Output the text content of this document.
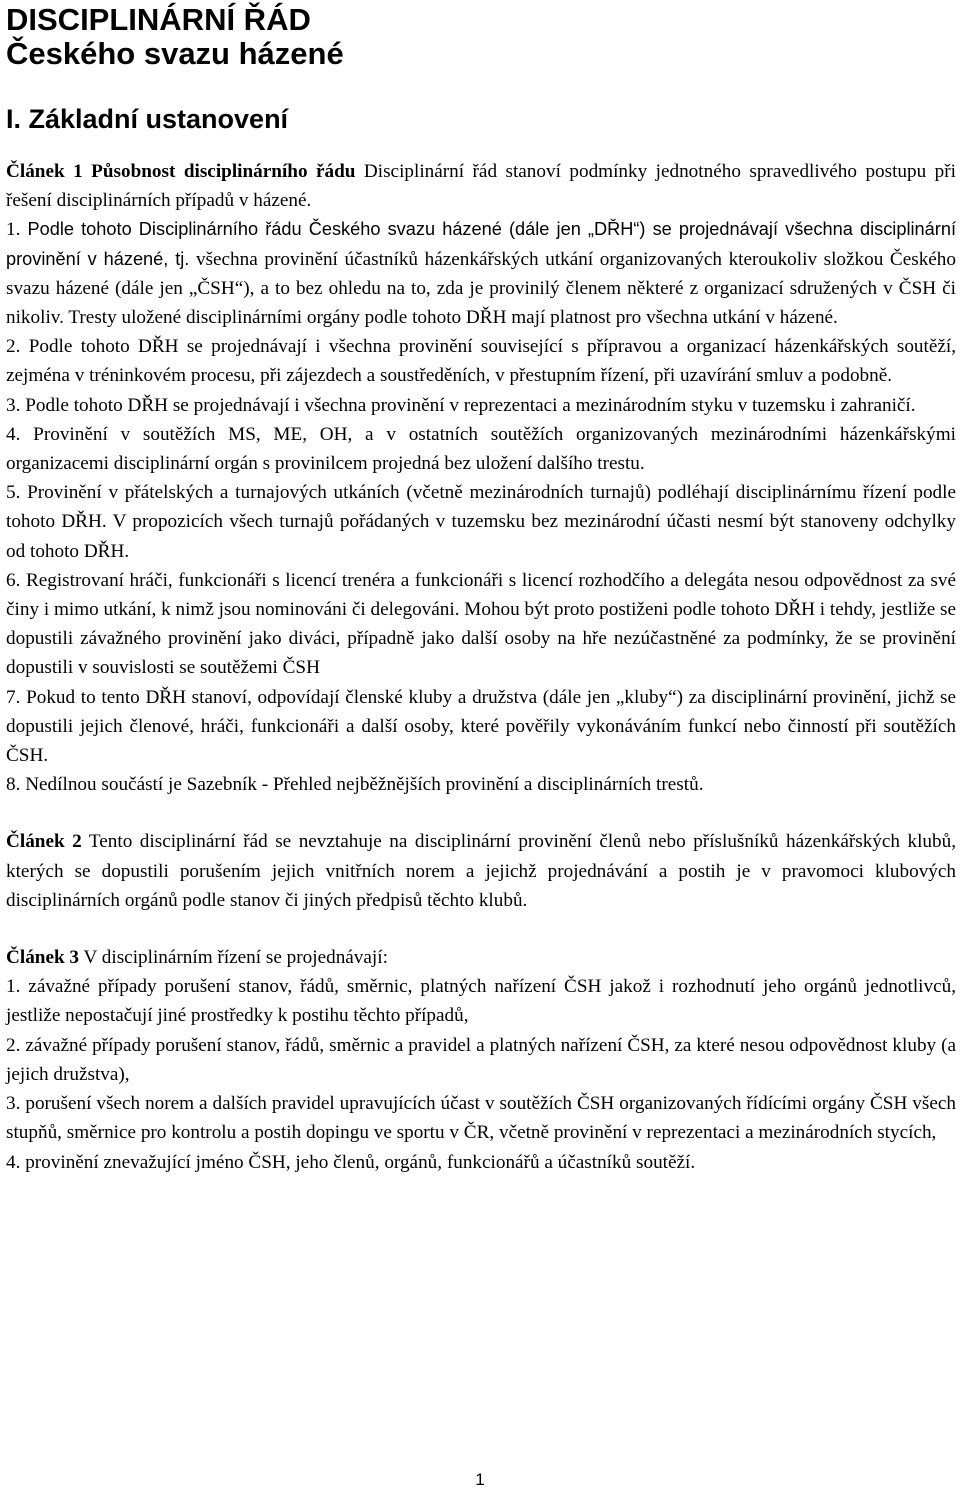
DISCIPLINÁRNÍ ŘÁD
Českého svazu házené
I. Základní ustanovení

Článek 1 Působnost disciplinárního řádu Disciplinární řád stanoví podmínky jednotného spravedlivého postupu při řešení disciplinárních případů v házené.

1. Podle tohoto Disciplinárního řádu Českého svazu házené (dále jen „DŘH“) se projednávají všechna disciplinární provinění v házené, tj. všechna provinění účastníků házenkářských utkání organizovaných kteroukoliv složkou Českého svazu házené (dále jen „ČSH“), a to bez ohledu na to, zda je provinilý členem některé z organizací sdružených v ČSH či nikoliv. Tresty uložené disciplinárními orgány podle tohoto DŘH mají platnost pro všechna utkání v házené.

2. Podle tohoto DŘH se projednávají i všechna provinění související s přípravou a organizací házenkářských soutěží, zejména v tréninkovém procesu, při zájezdech a soustředěních, v přestupním řízení, při uzavírání smluv a podobně.

3. Podle tohoto DŘH se projednávají i všechna provinění v reprezentaci a mezinárodním styku v tuzemsku i zahraničí.

4. Provinění v soutěžích MS, ME, OH, a v ostatních soutěžích organizovaných mezinárodními házenkářskými organizacemi disciplinární orgán s provinilcem projedná bez uložení dalšího trestu.

5. Provinění v přátelských a turnajových utkáních (včetně mezinárodních turnajů) podléhají disciplinárnímu řízení podle tohoto DŘH. V propozicích všech turnajů pořádaných v tuzemsku bez mezinárodní účasti nesmí být stanoveny odchylky od tohoto DŘH.

6. Registrovaní hráči, funkcionáři s licencí trenéra a funkcionáři s licencí rozhodčího a delegáta nesou odpovědnost za své činy i mimo utkání, k nimž jsou nominováni či delegováni. Mohou být proto postiženi podle tohoto DŘH i tehdy, jestliže se dopustili závažného provinění jako diváci, případně jako další osoby na hře nezúčastněné za podmínky, že se provinění dopustili v souvislosti se soutěžemi ČSH

7. Pokud to tento DŘH stanoví, odpovídají členské kluby a družstva (dále jen „kluby“) za disciplinární provinění, jichž se dopustili jejich členové, hráči, funkcionáři a další osoby, které pověřily vykonáváním funkcí nebo činností při soutěžích ČSH.

8. Nedílnou součástí je Sazebník - Přehled nejběžnějších provinění a disciplinárních trestů.

Článek 2 Tento disciplinární řád se nevztahuje na disciplinární provinění členů nebo příslušníků házenkářských klubů, kterých se dopustili porušením jejich vnitřních norem a jejichž projednávání a postih je v pravomoci klubových disciplinárních orgánů podle stanov či jiných předpisů těchto klubů.

Článek 3 V disciplinárním řízení se projednávají:

1. závažné případy porušení stanov, řádů, směrnic, platných nařízení ČSH jakož i rozhodnutí jeho orgánů jednotlivců, jestliže nepostačují jiné prostředky k postihu těchto případů,

2. závažné případy porušení stanov, řádů, směrnic a pravidel a platných nařízení ČSH, za které nesou odpovědnost kluby (a jejich družstva),

3. porušení všech norem a dalších pravidel upravujících účast v soutěžích ČSH organizovaných řídícími orgány ČSH všech stupňů, směrnice pro kontrolu a postih dopingu ve sportu v ČR, včetně provinění v reprezentaci a mezinárodních stycích,

4. provinění znevažující jméno ČSH, jeho členů, orgánů, funkcionářů a účastníků soutěží.

1
